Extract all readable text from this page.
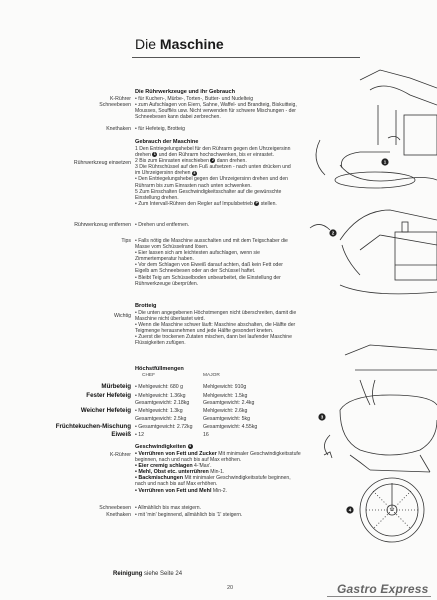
Die Maschine
Die Rührwerkzeuge und ihr Gebrauch
K-Rührer • für Kuchen-, Mürbe-, Torten-, Butter- und Nudelteig
Schneebesen • zum Aufschlagen von Eiern, Sahne, Waffel- und Brandteig, Biskuitteig, Mousses, Soufflés usw. Nicht verwenden für schwere Mischungen - der Schneebesen kann dabei zerbrechen.
Knethaken • für Hefeteig, Brotteig
Gebrauch der Maschine
Rührwerkzeug einsetzen

1 Den Entriegelungshebel für den Rührarm gegen den Uhrzeigersinn drehen 1 und den Rührarm hochschwenken, bis er einrastet.

2 Bis zum Einrasten einschieben 2 dann drehen.

3 Die Rührschüssel auf den Fuß aufsetzen - nach unten drücken und im Uhrzeigersinn drehen 3

• Den Entriegelungshebel gegen den Uhrzeigersinn drehen und den Rührarm bis zum Einrasten nach unten schwenken.

5 Zum Einschalten Geschwindigkeitsschalter auf die gewünschte Einstellung drehen.

• Zum Intervall-Rühren den Regler auf Impulsbetrieb P stellen.

Rührwerkzeug entfernen • Drehen und entfernen.
Tips • Falls nötig die Maschine ausschalten und mit dem Teigschaber die Masse vom Schüsselrand lösen.

• Eier lassen sich am leichtesten aufschlagen, wenn sie Zimmertemperatur haben.

• Vor dem Schlagen von Eiweiß darauf achten, daß kein Fett oder Eigelb am Schneebesen oder an der Schüssel haftet.

• Bleibt Teig am Schüsselboden unbearbeitet, die Einstellung der Rührwerkzeuge überprüfen.

Brotteig
Wichtig • Die unten angegebenen Höchstmengen nicht überschreiten, damit die Maschine nicht überlastet wird.

• Wenn die Maschine schwer läuft: Maschine abschalten, die Hälfte der Teigmenge herausnehmen und jede Hälfte gesondert kneten.

• Zuerst die trockenen Zutaten mischen, dann bei laufender Maschine Flüssigkeiten zufügen.

Höchstfüllmengen
CHEF	MAJOR
Mürbeteig • Mehlgewicht: 680 g	Mehlgewicht: 910g
Fester Hefeteig • Mehlgewicht: 1.36kg	Mehlgewicht: 1.5kg
Gesamtgewicht: 2.18kg	Gesamtgewicht: 2.4kg
Weicher Hefeteig • Mehlgewicht: 1.3kg	Mehlgewicht: 2.6kg
Gesamtgewicht: 2.5kg	Gesamtgewicht: 5kg
Früchtekuchen-Mischung • Gesamtgewicht: 2.72kg Gesamtgewicht: 4.55kg
Eiweiß • 12	16
Geschwindigkeiten 4
K-Rührer • Verrühren von Fett und Zucker Mit minimaler Geschwindigkeitsstufe beginnen, nach und nach bis auf Max erhöhen.

• Eier cremig schlagen 4-'Max'.

• Mehl, Obst etc. unterrühren Min-1.

• Backmischungen Mit minimaler Geschwindigkeitsstufe beginnen, nach und nach bis auf Max erhöhen.

• Verrühren von Fett und Mehl Min-2.

Schneebesen • Allmählich bis max steigern.
Knethaken • mit 'min' beginnend, allmählich bis '1' steigern.
1
2
3
4
Reinigung siehe Seite 24
20	Gastro Express
